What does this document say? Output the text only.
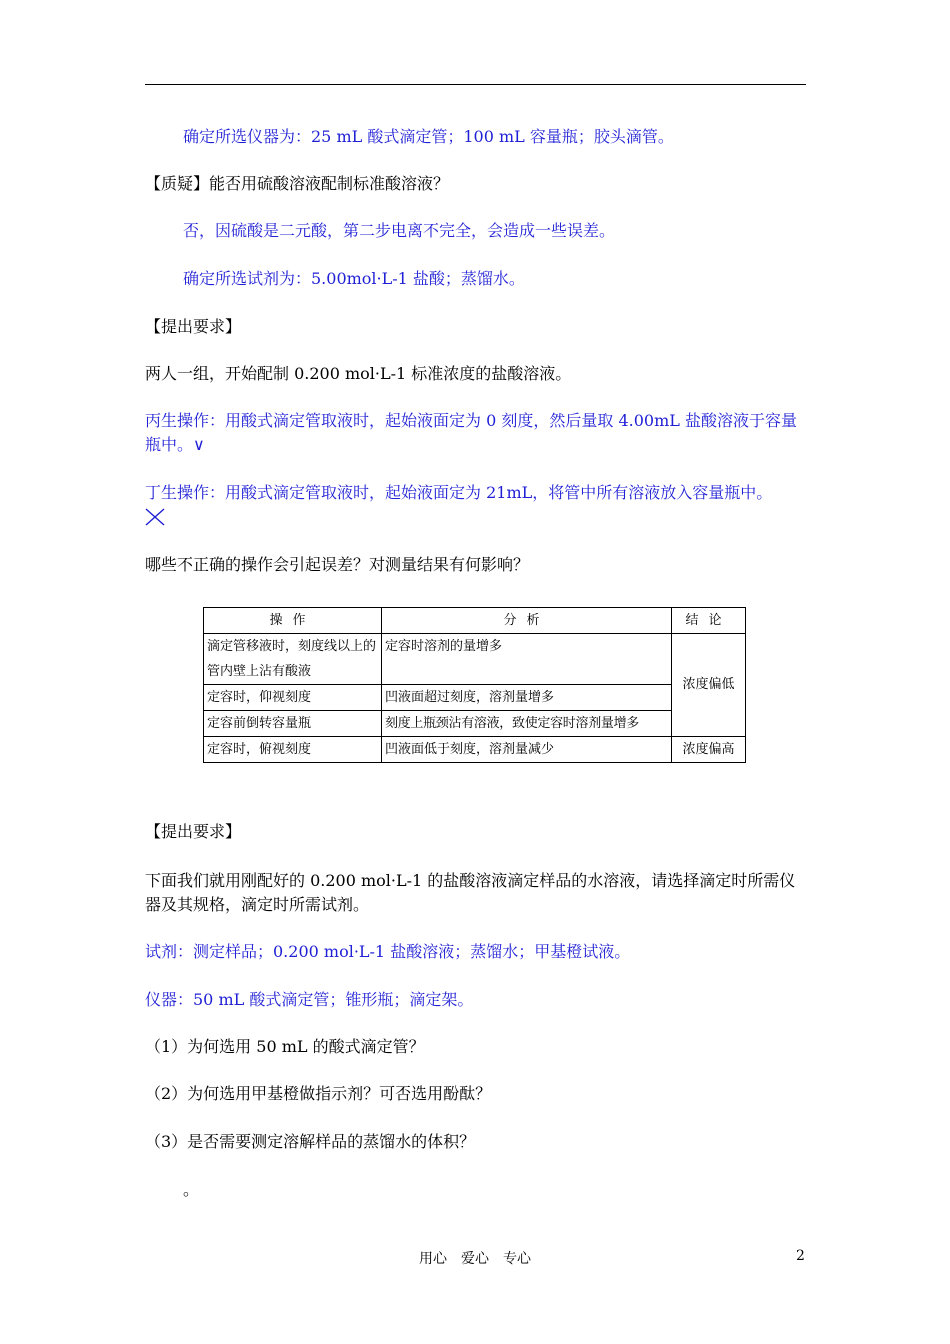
确定所选仪器为：25 mL 酸式滴定管；100 mL 容量瓶；胶头滴管。
【质疑】能否用硫酸溶液配制标准酸溶液？
否，因硫酸是二元酸，第二步电离不完全，会造成一些误差。
确定所选试剂为：5.00mol·L-1 盐酸；蒸馏水。
【提出要求】
两人一组，开始配制 0.200 mol·L-1 标准浓度的盐酸溶液。
丙生操作：用酸式滴定管取液时，起始液面定为 0 刻度，然后量取 4.00mL 盐酸溶液于容量瓶中。∨
丁生操作：用酸式滴定管取液时，起始液面定为 21mL，将管中所有溶液放入容量瓶中。
哪些不正确的操作会引起误差？对测量结果有何影响？
操作	分析	结论
滴定管移液时，刻度线以上的管内壁上沾有酸液	定容时溶剂的量增多	浓度偏低
定容时，仰视刻度	凹液面超过刻度，溶剂量增多	
定容前倒转容量瓶	刻度上瓶颈沾有溶液，致使定容时溶剂量增多	
定容时，俯视刻度	凹液面低于刻度，溶剂量减少	浓度偏高
【提出要求】
下面我们就用刚配好的 0.200 mol·L-1 的盐酸溶液滴定样品的水溶液，请选择滴定时所需仪器及其规格，滴定时所需试剂。
试剂：测定样品；0.200 mol·L-1 盐酸溶液；蒸馏水；甲基橙试液。
仪器：50 mL 酸式滴定管；锥形瓶；滴定架。
（1）为何选用 50 mL 的酸式滴定管？
（2）为何选用甲基橙做指示剂？可否选用酚酞？
（3）是否需要测定溶解样品的蒸馏水的体积？
。
用心　爱心　专心	2
